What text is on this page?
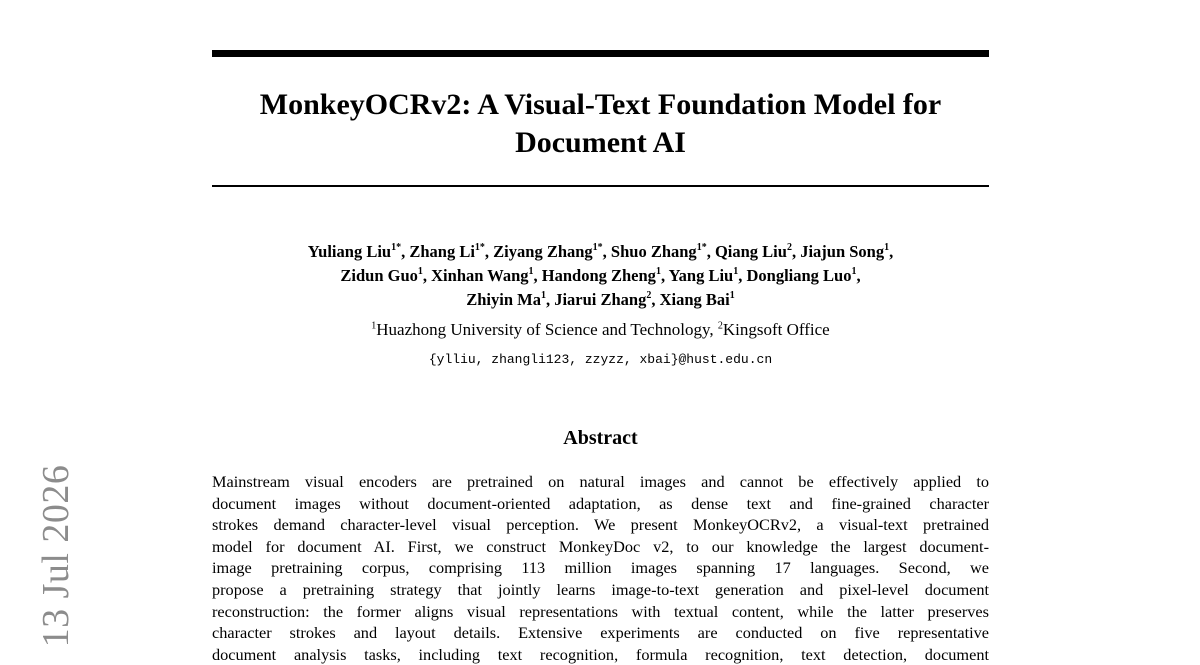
13 Jul 2026
MonkeyOCRv2: A Visual-Text Foundation Model for
Document AI
Yuliang Liu$^{1*}$, Zhang $Li^{1*}$, Ziyang Zhang$^{1*}$, Shuo Zhang$^{1*}$, Qiang Liu$^2$, Jiajun Song$^1$,
Zidun Guo$^1$, Xinhan Wang$^1$, Handong Zheng$^1$, Yang Liu$^1$, Dongliang Luo$^1$,
Zhiyin Ma$^1$, Jiarui Zhang$^2$, Xiang Bai$^1$
$^1$Huazhong University of Science and Technology, $^2$Kingsoft Office
{ylliu, zhangli123, zzyzz, xbai}@hust.edu.cn
Abstract
Mainstream visual encoders are pretrained on natural images and cannot be effectively applied to
document images without document-oriented adaptation, as dense text and fine-grained character
strokes demand character-level visual perception. We present MonkeyOCRv2, a visual-text pretrained
model for document AI. First, we construct MonkeyDoc v2, to our knowledge the largest document-
image pretraining corpus, comprising 113 million images spanning 17 languages. Second, we
propose a pretraining strategy that jointly learns image-to-text generation and pixel-level document
reconstruction: the former aligns visual representations with textual content, while the latter preserves
character strokes and layout details. Extensive experiments are conducted on five representative
document analysis tasks, including text recognition, formula recognition, text detection, document
